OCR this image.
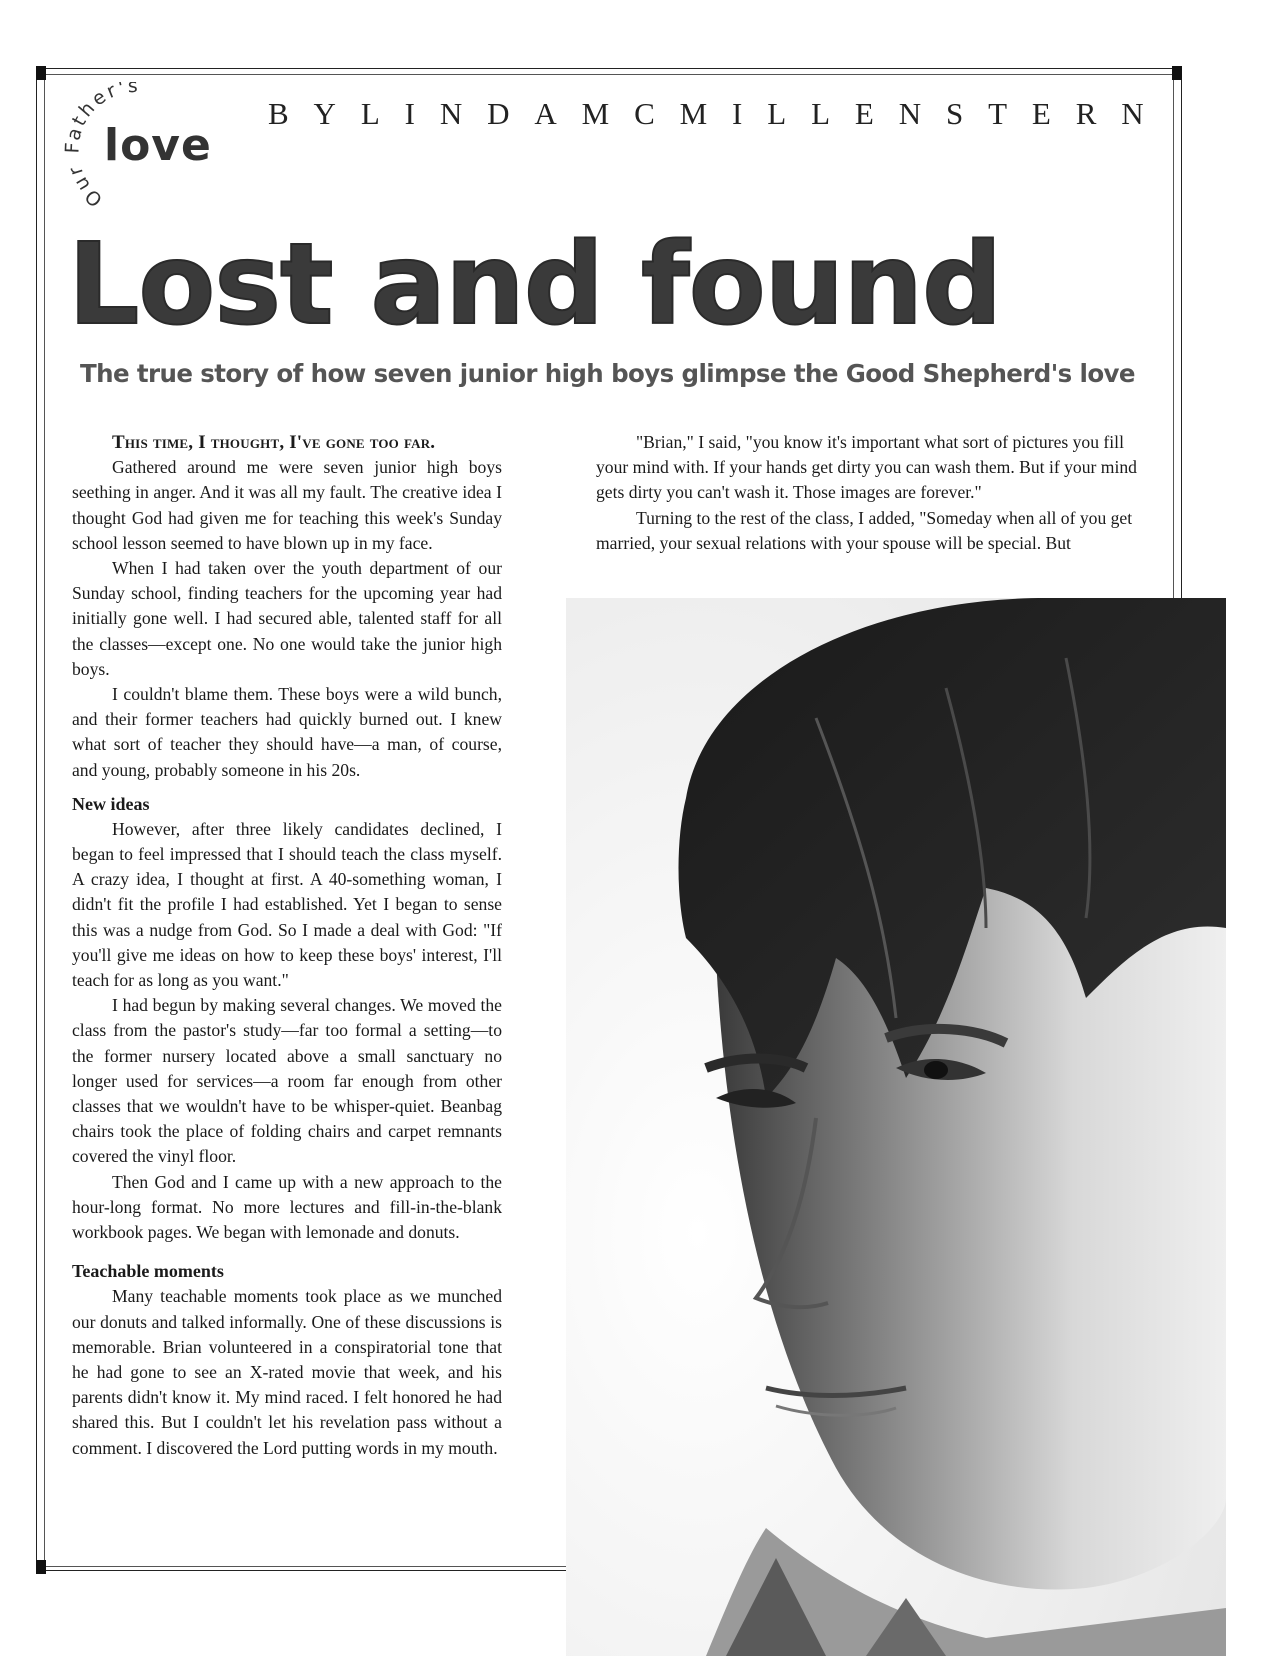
Our Father's
love
B Y L I N D A M C M I L L E N S T E R N
Lost and found
The true story of how seven junior high boys glimpse the Good Shepherd's love

This time, I thought, I've gone too far.

Gathered around me were seven junior high boys seething in anger. And it was all my fault. The creative idea I thought God had given me for teaching this week's Sunday school lesson seemed to have blown up in my face.

When I had taken over the youth department of our Sunday school, finding teachers for the upcoming year had initially gone well. I had secured able, talented staff for all the classes—except one. No one would take the junior high boys.

I couldn't blame them. These boys were a wild bunch, and their former teachers had quickly burned out. I knew what sort of teacher they should have—a man, of course, and young, probably someone in his 20s.

New ideas

However, after three likely candidates declined, I began to feel impressed that I should teach the class myself. A crazy idea, I thought at first. A 40-something woman, I didn't fit the profile I had established. Yet I began to sense this was a nudge from God. So I made a deal with God: "If you'll give me ideas on how to keep these boys' interest, I'll teach for as long as you want."

I had begun by making several changes. We moved the class from the pastor's study—far too formal a setting—to the former nursery located above a small sanctuary no longer used for services—a room far enough from other classes that we wouldn't have to be whisper-quiet. Beanbag chairs took the place of folding chairs and carpet remnants covered the vinyl floor.

Then God and I came up with a new approach to the hour-long format. No more lectures and fill-in-the-blank workbook pages. We began with lemonade and donuts.

Teachable moments

Many teachable moments took place as we munched our donuts and talked informally. One of these discussions is memorable. Brian volunteered in a conspiratorial tone that he had gone to see an X-rated movie that week, and his parents didn't know it. My mind raced. I felt honored he had shared this. But I couldn't let his revelation pass without a comment. I discovered the Lord putting words in my mouth.

"Brian," I said, "you know it's important what sort of pictures you fill your mind with. If your hands get dirty you can wash them. But if your mind gets dirty you can't wash it. Those images are forever."

Turning to the rest of the class, I added, "Someday when all of you get married, your sexual relations with your spouse will be special. But
